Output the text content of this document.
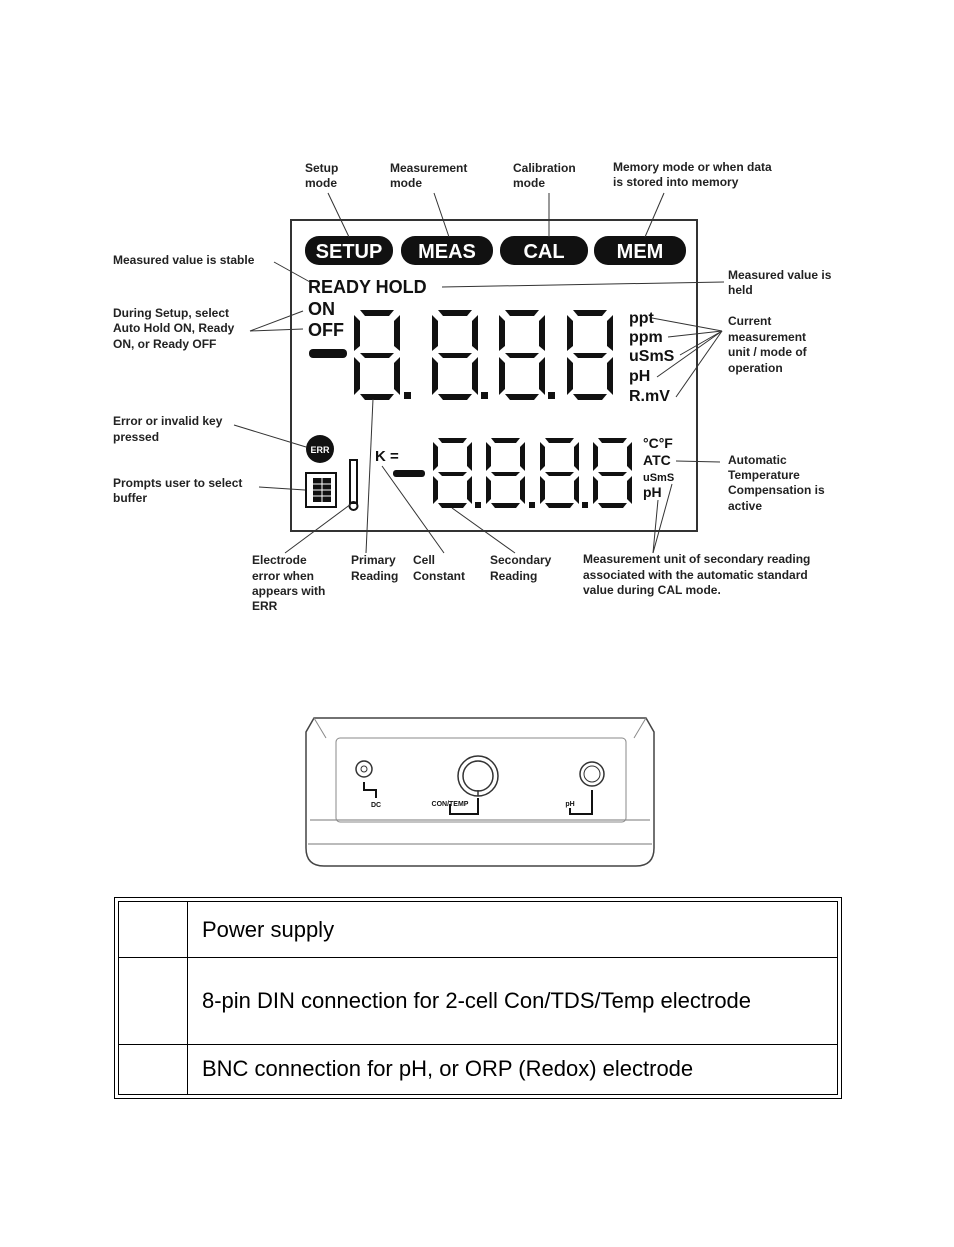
SETUP MEAS CAL	MEM
READY HOLD
ON
OFF
ppt
ppm
uSmS
pH
R.mV
ERR	K =
°C°F
ATC
uSmS
pH
Setup
mode
Measurement
mode
Calibration
mode
Memory mode or when data
is stored into memory
Measured value is stable
Measured value is
held
During Setup, select
Auto Hold ON, Ready
ON, or Ready OFF
Current
measurement
unit / mode of
operation
Error or invalid key
pressed
Prompts user to select
buffer
Automatic
Temperature
Compensation is
active
Electrode
error when
appears with
ERR
Primary
Reading
Cell
Constant
Secondary
Reading
Measurement unit of secondary reading
associated with the automatic standard
value during CAL mode.
DC	CON/TEMP	pH
	Power supply
	8-pin DIN connection for 2-cell Con/TDS/Temp electrode
	BNC connection for pH, or ORP (Redox) electrode
